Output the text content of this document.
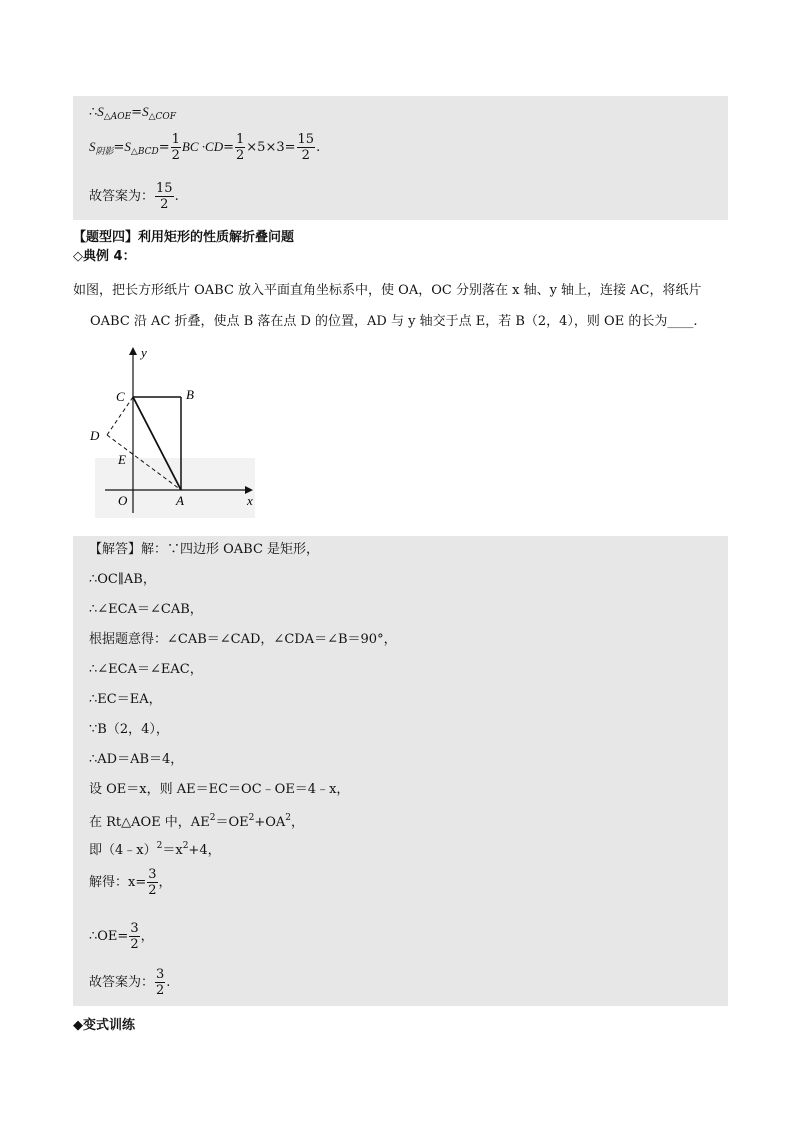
$\therefore S_{\triangle AOE}=S_{\triangle COF}$
$S_{阴影}=S_{\triangle BCD}= \frac{1}{2}$ BC $\cdot CD= \frac{1}{2} \times 5\times 3= \frac{15}{2}$ .
故答案为： $\frac{15}{2}$ .
【题型四】利用矩形的性质解折叠问题
◇典例 4：
如图，把长方形纸片 OABC 放入平面直角坐标系中，使 OA，OC 分别落在 x 轴、y 轴上，连接 AC，将纸片
OABC 沿 AC 折叠，使点 B 落在点 D 的位置，AD 与 y 轴交于点 E，若 B（2，4），则 OE 的长为____.
y
x
C	B
D
E
O	A
【解答】解：∵四边形 OABC 是矩形，
∴OC∥AB，
∴∠ECA＝∠CAB，
根据题意得：∠CAB＝∠CAD，∠CDA＝∠B＝90°，
∴∠ECA＝∠EAC，
∴EC＝EA，
∵B（2，4），
∴AD＝AB＝4，
设 OE＝x，则 AE＝EC＝OC﹣OE＝4﹣x，
在 Rt△AOE 中，$AE^2=OE^2+OA^2$，
即$(4﹣x)^2=x^2+4$，
解得：$x= \frac{3}{2}$ ，
∴OE= $\frac{3}{2}$ ，
故答案为： $\frac{3}{2}$ .
◆变式训练
